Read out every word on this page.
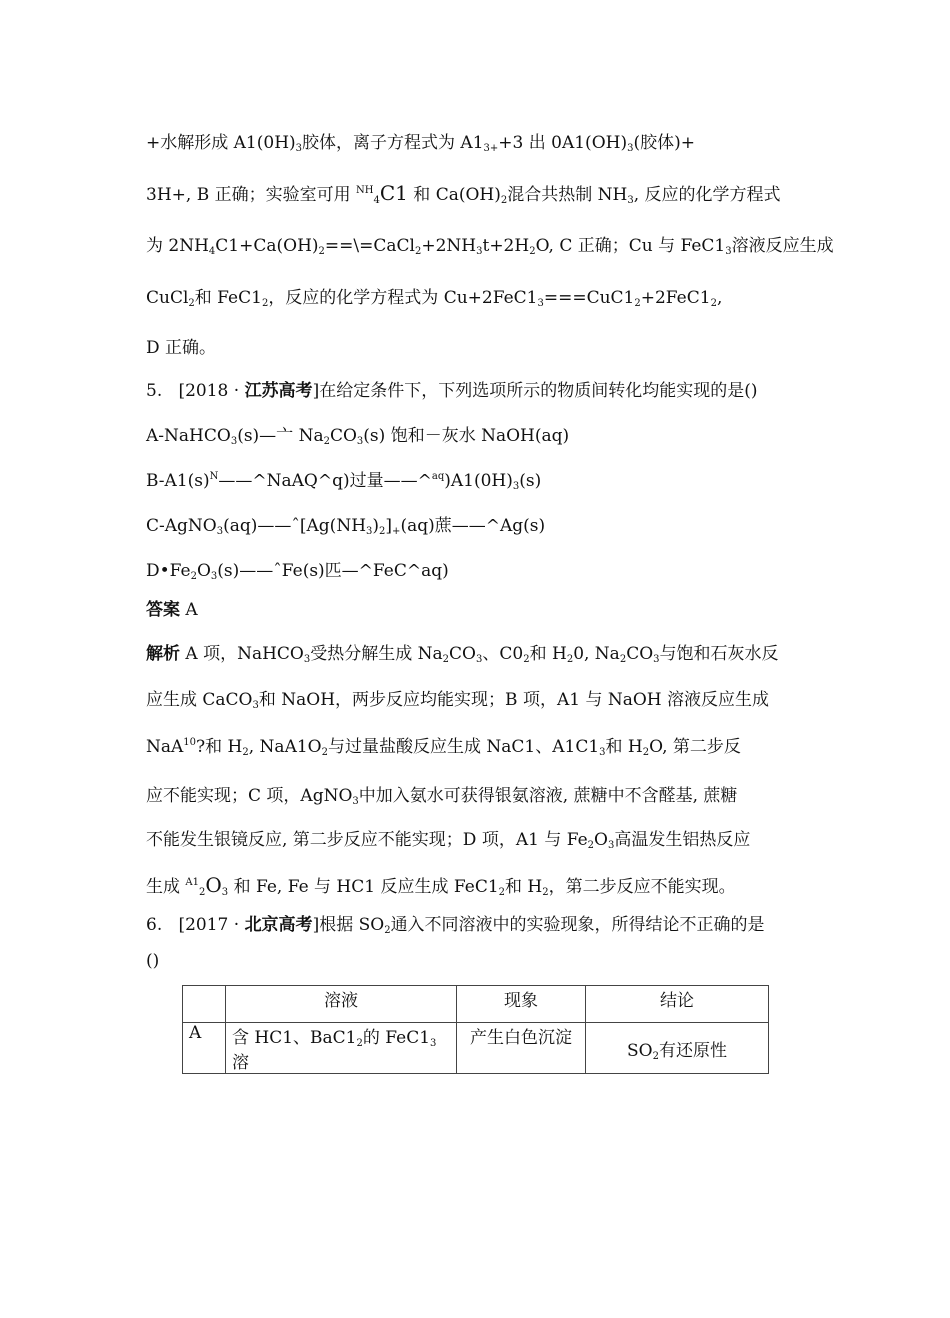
+水解形成 $A1(0H)_3$胶体，离子方程式为 $A1_{3+}+3$ 出 $0A1(OH)_3$(胶体)+
3H+, B 正确；实验室可用 $^{NH}_4$C1 和 $Ca(OH)_2$混合共热制 $NH_3$, 反应的化学方程式
为 $2NH_4C1+Ca(OH)_2==\backslash=CaCl_2+2NH_3t+2H_2O$, C 正确；Cu 与 $FeC1_3$溶液反应生成
CuCl$_2$和 $FeC1_2$，反应的化学方程式为 $Cu+2FeC1_3===CuC1_2+2FeC1_2$,
D 正确。
5. [2018 · 江苏高考]在给定条件下，下列选项所示的物质间转化均能实现的是()
A-NaHCO$_3$(s)—亠 $Na_2CO_3(s)$ 饱和－灰水 NaOH(aq)
$B-A1(s)^N——\^{}NaAQ\^{}q$)过量$——\^{}^{aq})A1(0H)_3(s)$
$C-AgNO_3(aq)——ˆ[Ag(NH_3)_2]_+(aq)$蔗——^Ag(s)
$D•Fe_2O_3(s)——ˆFe(s)$匹—^FeC^aq)
答案 A
解析 A 项，NaHCO$_3$受热分解生成 $Na_2CO_3$、$C0_2$和 $H_20$, $Na_2CO_3$与饱和石灰水反
应生成 CaCO$_3$和 NaOH，两步反应均能实现；B 项，A1 与 NaOH 溶液反应生成
NaA$^{10}$?和 $H_2$, $NaA1O_2$与过量盐酸反应生成 NaC1、$A1C1_3$和 $H_2O$, 第二步反
应不能实现；C 项，AgNO$_3$中加入氨水可获得银氨溶液, 蔗糖中不含醛基, 蔗糖
不能发生银镜反应, 第二步反应不能实现；D 项，A1 与 $Fe_2O_3$高温发生铝热反应
生成 $^{A1}_2O_3$ 和 Fe, Fe 与 HC1 反应生成 $FeC1_2$和 $H_2$，第二步反应不能实现。
6. [2017 · 北京高考]根据 $SO_2$通入不同溶液中的实验现象，所得结论不正确的是
()
	溶液	现象	结论
A	含 HC1、$BaC1_2$的 $FeC1_3$溶	产生白色沉淀	$SO_2$有还原性
